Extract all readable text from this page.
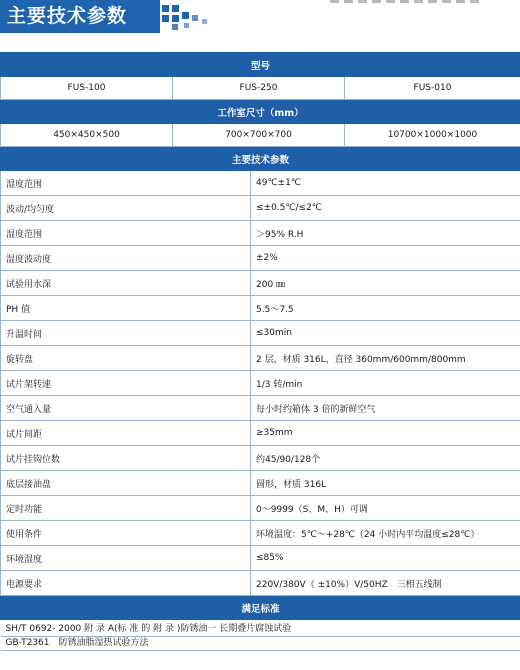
主要技术参数
型号			
FUS-100	FUS-250		FUS-010
工作室尺寸（mm）			
450×450×500	700×700×700		10700×1000×1000
主要技术参数			
湿度范围		49℃±1℃	
波动/均匀度		≤±0.5℃/≤2℃	
湿度范围		＞95% R.H	
湿度波动度		±2%	
试验用水深		200 ㎜	
PH 值		5.5～7.5	
升温时间		≤30min	
旋转盘		2 层，材质 316L，直径 360mm/600mm/800mm	
试片架转速		1/3 转/min	
空气通入量		每小时约箱体 3 倍的新鲜空气	
试片间距		≥35mm	
试片挂钩位数		约45/90/128个	
底层接油盘		圆形，材质 316L	
定时功能		0～9999（S、M、H）可调	
使用条件		环境温度：5℃～+28℃（24 小时内平均温度≤28℃）	
环境湿度		≤85%	
电源要求		220V/380V（ ±10%）V/50HZ　三相五线制	
满足标准			
SH/T 0692- 2000 附 录 A(标 准 的 附 录 )防锈油一 长期叠片腐蚀试验			
GB-T2361　防锈油脂湿热试验方法			
